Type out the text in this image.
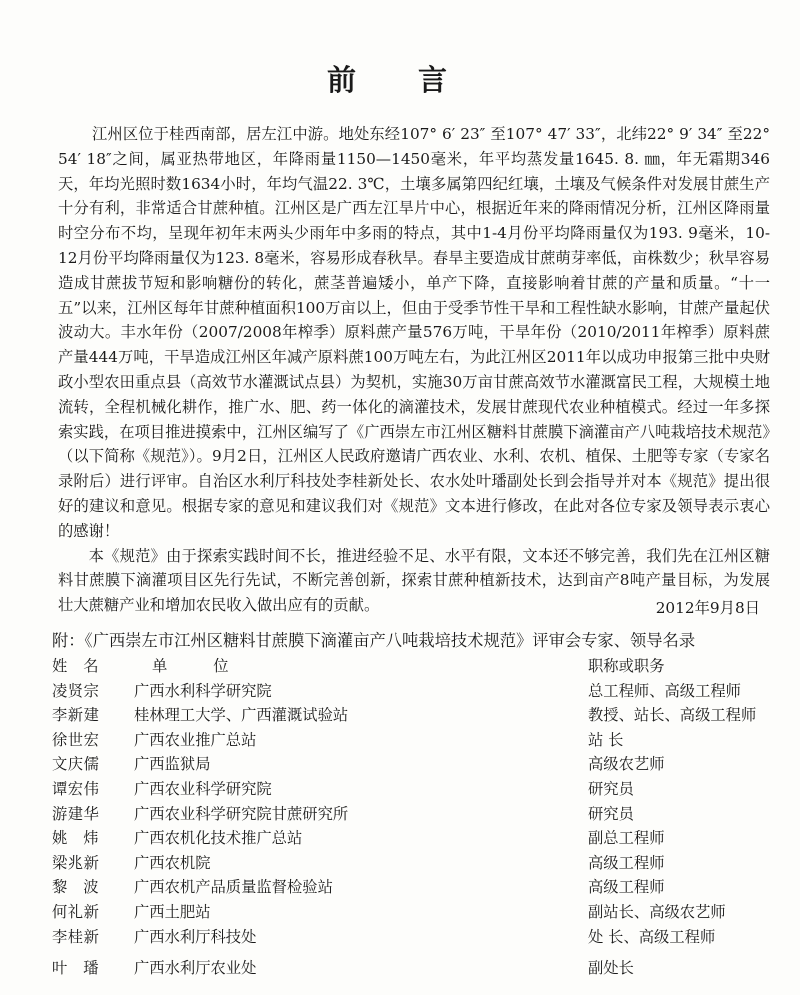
前 言

江州区位于桂西南部，居左江中游。地处东经107° 6′ 23″ 至107° 47′ 33″，北纬22° 9′ 34″ 至22° 54′ 18″之间，属亚热带地区，年降雨量1150—1450毫米，年平均蒸发量1645. 8. ㎜，年无霜期346天，年均光照时数1634小时，年均气温22. 3℃，土壤多属第四纪红壤，土壤及气候条件对发展甘蔗生产十分有利，非常适合甘蔗种植。江州区是广西左江旱片中心，根据近年来的降雨情况分析，江州区降雨量时空分布不均，呈现年初年末两头少雨年中多雨的特点，其中1-4月份平均降雨量仅为193. 9毫米，10-12月份平均降雨量仅为123. 8毫米，容易形成春秋旱。春旱主要造成甘蔗萌芽率低，亩株数少；秋旱容易造成甘蔗拔节短和影响糖份的转化，蔗茎普遍矮小，单产下降，直接影响着甘蔗的产量和质量。“十一五”以来，江州区每年甘蔗种植面积100万亩以上，但由于受季节性干旱和工程性缺水影响，甘蔗产量起伏波动大。丰水年份（2007/2008年榨季）原料蔗产量576万吨，干旱年份（2010/2011年榨季）原料蔗产量444万吨，干旱造成江州区年减产原料蔗100万吨左右，为此江州区2011年以成功申报第三批中央财政小型农田重点县（高效节水灌溉试点县）为契机，实施30万亩甘蔗高效节水灌溉富民工程，大规模土地流转，全程机械化耕作，推广水、肥、药一体化的滴灌技术，发展甘蔗现代农业种植模式。经过一年多探索实践，在项目推进摸索中，江州区编写了《广西崇左市江州区糖料甘蔗膜下滴灌亩产八吨栽培技术规范》（以下简称《规范》）。9月2日，江州区人民政府邀请广西农业、水利、农机、植保、土肥等专家（专家名录附后）进行评审。自治区水利厅科技处李桂新处长、农水处叶璠副处长到会指导并对本《规范》提出很好的建议和意见。根据专家的意见和建议我们对《规范》文本进行修改，在此对各位专家及领导表示衷心的感谢！

本《规范》由于探索实践时间不长，推进经验不足、水平有限，文本还不够完善，我们先在江州区糖料甘蔗膜下滴灌项目区先行先试，不断完善创新，探索甘蔗种植新技术，达到亩产8吨产量目标，为发展壮大蔗糖产业和增加农民收入做出应有的贡献。	2012年9月8日
附：《广西崇左市江州区糖料甘蔗膜下滴灌亩产八吨栽培技术规范》评审会专家、领导名录
姓名 单位	职称或职务
凌贤宗 广西水利科学研究院	总工程师、高级工程师
李新建 桂林理工大学、广西灌溉试验站	教授、站长、高级工程师
徐世宏 广西农业推广总站	站 长
文庆儒 广西监狱局	高级农艺师
谭宏伟 广西农业科学研究院	研究员
游建华 广西农业科学研究院甘蔗研究所	研究员
姚炜 广西农机化技术推广总站	副总工程师
梁兆新 广西农机院	高级工程师
黎波 广西农机产品质量监督检验站	高级工程师
何礼新 广西土肥站	副站长、高级农艺师
李桂新 广西水利厅科技处	处 长、高级工程师
叶璠 广西水利厅农业处	副处长
